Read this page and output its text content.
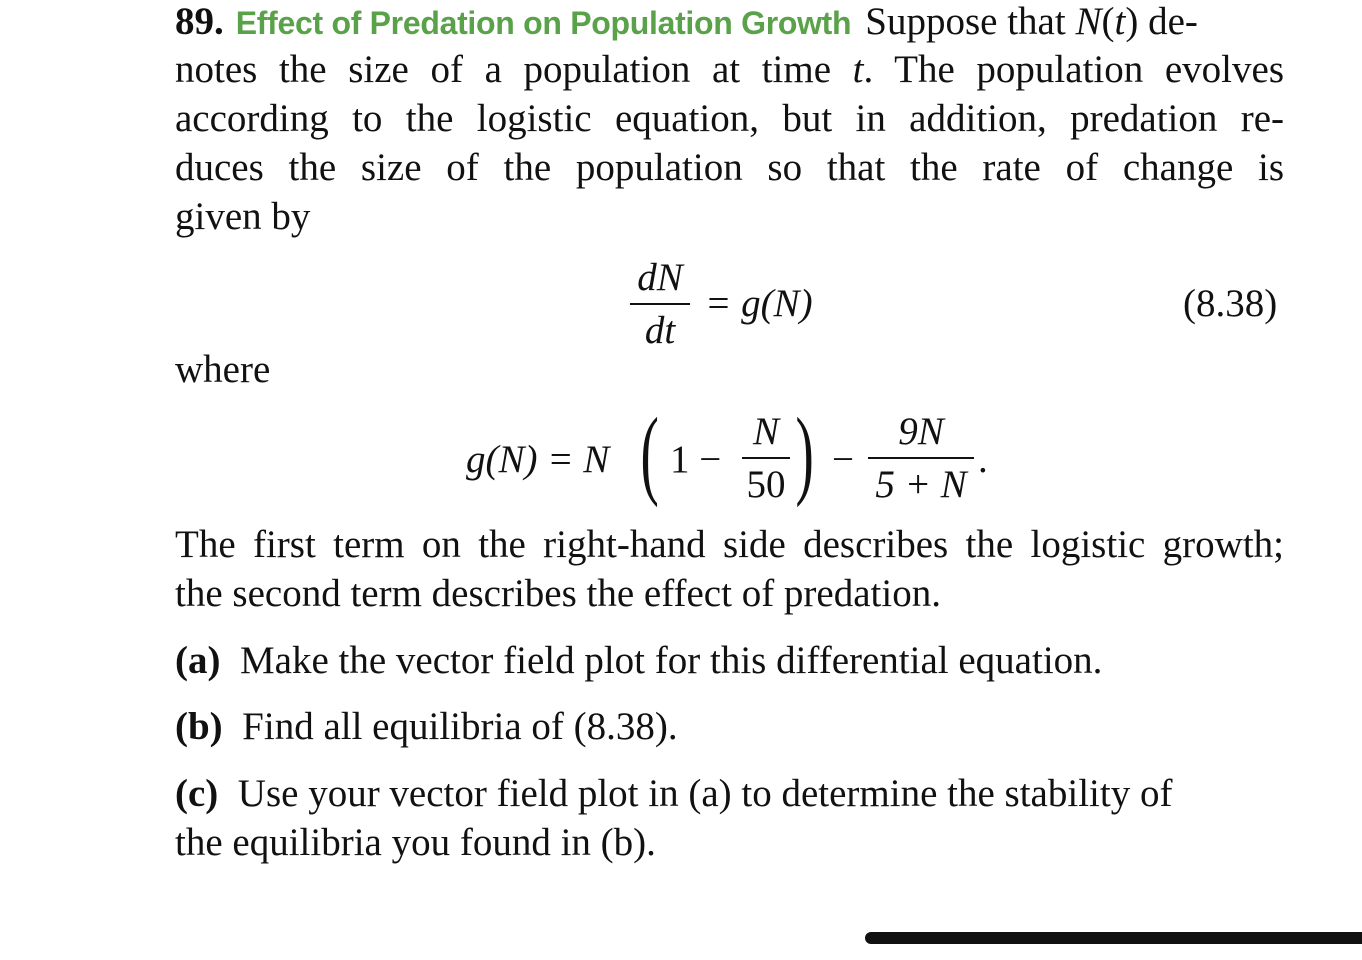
89. Effect of Predation on Population Growth Suppose that N(t) de-
notes the size of a population at time t. The population evolves
according to the logistic equation, but in addition, predation re-
duces the size of the population so that the rate of change is
given by
dN
dt
= g(N)	(8.38)
where
g(N) = N ( 1 −
N
50 ) −
9N
5 + N
.
The first term on the right-hand side describes the logistic growth;
the second term describes the effect of predation.
(a) Make the vector field plot for this differential equation.
(b) Find all equilibria of (8.38).
(c) Use your vector field plot in (a) to determine the stability of
the equilibria you found in (b).
